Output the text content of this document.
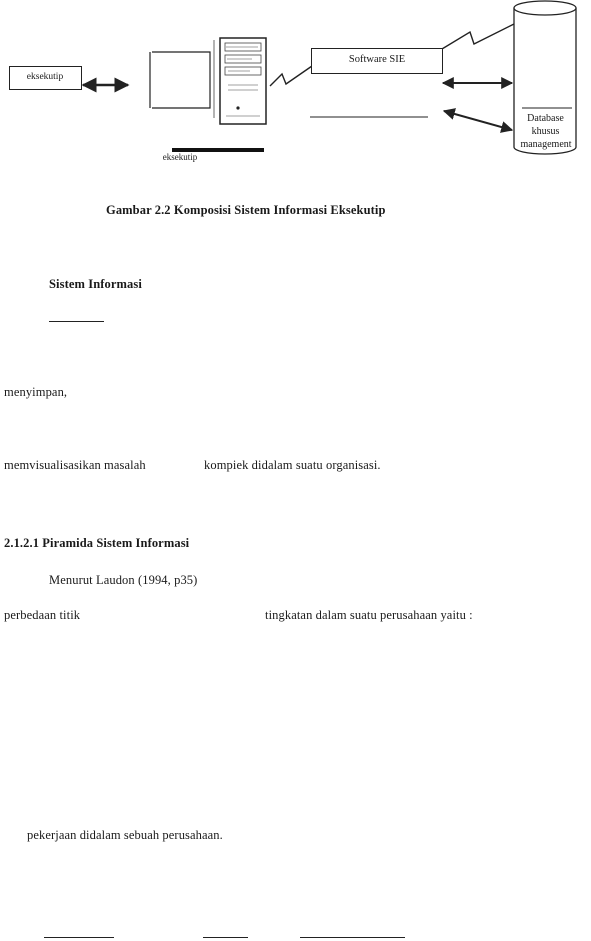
eksekutip
Software SIE
Database
khusus
management
eksekutip
Gambar 2.2 Komposisi Sistem Informasi Eksekutip
Sistem Informasi
menyimpan,
memvisualisasikan masalah	kompiek didalam suatu organisasi.
2.1.2.1 Piramida Sistem Informasi
Menurut Laudon (1994, p35)
perbedaan titik	tingkatan dalam suatu perusahaan yaitu :
pekerjaan didalam sebuah perusahaan.
